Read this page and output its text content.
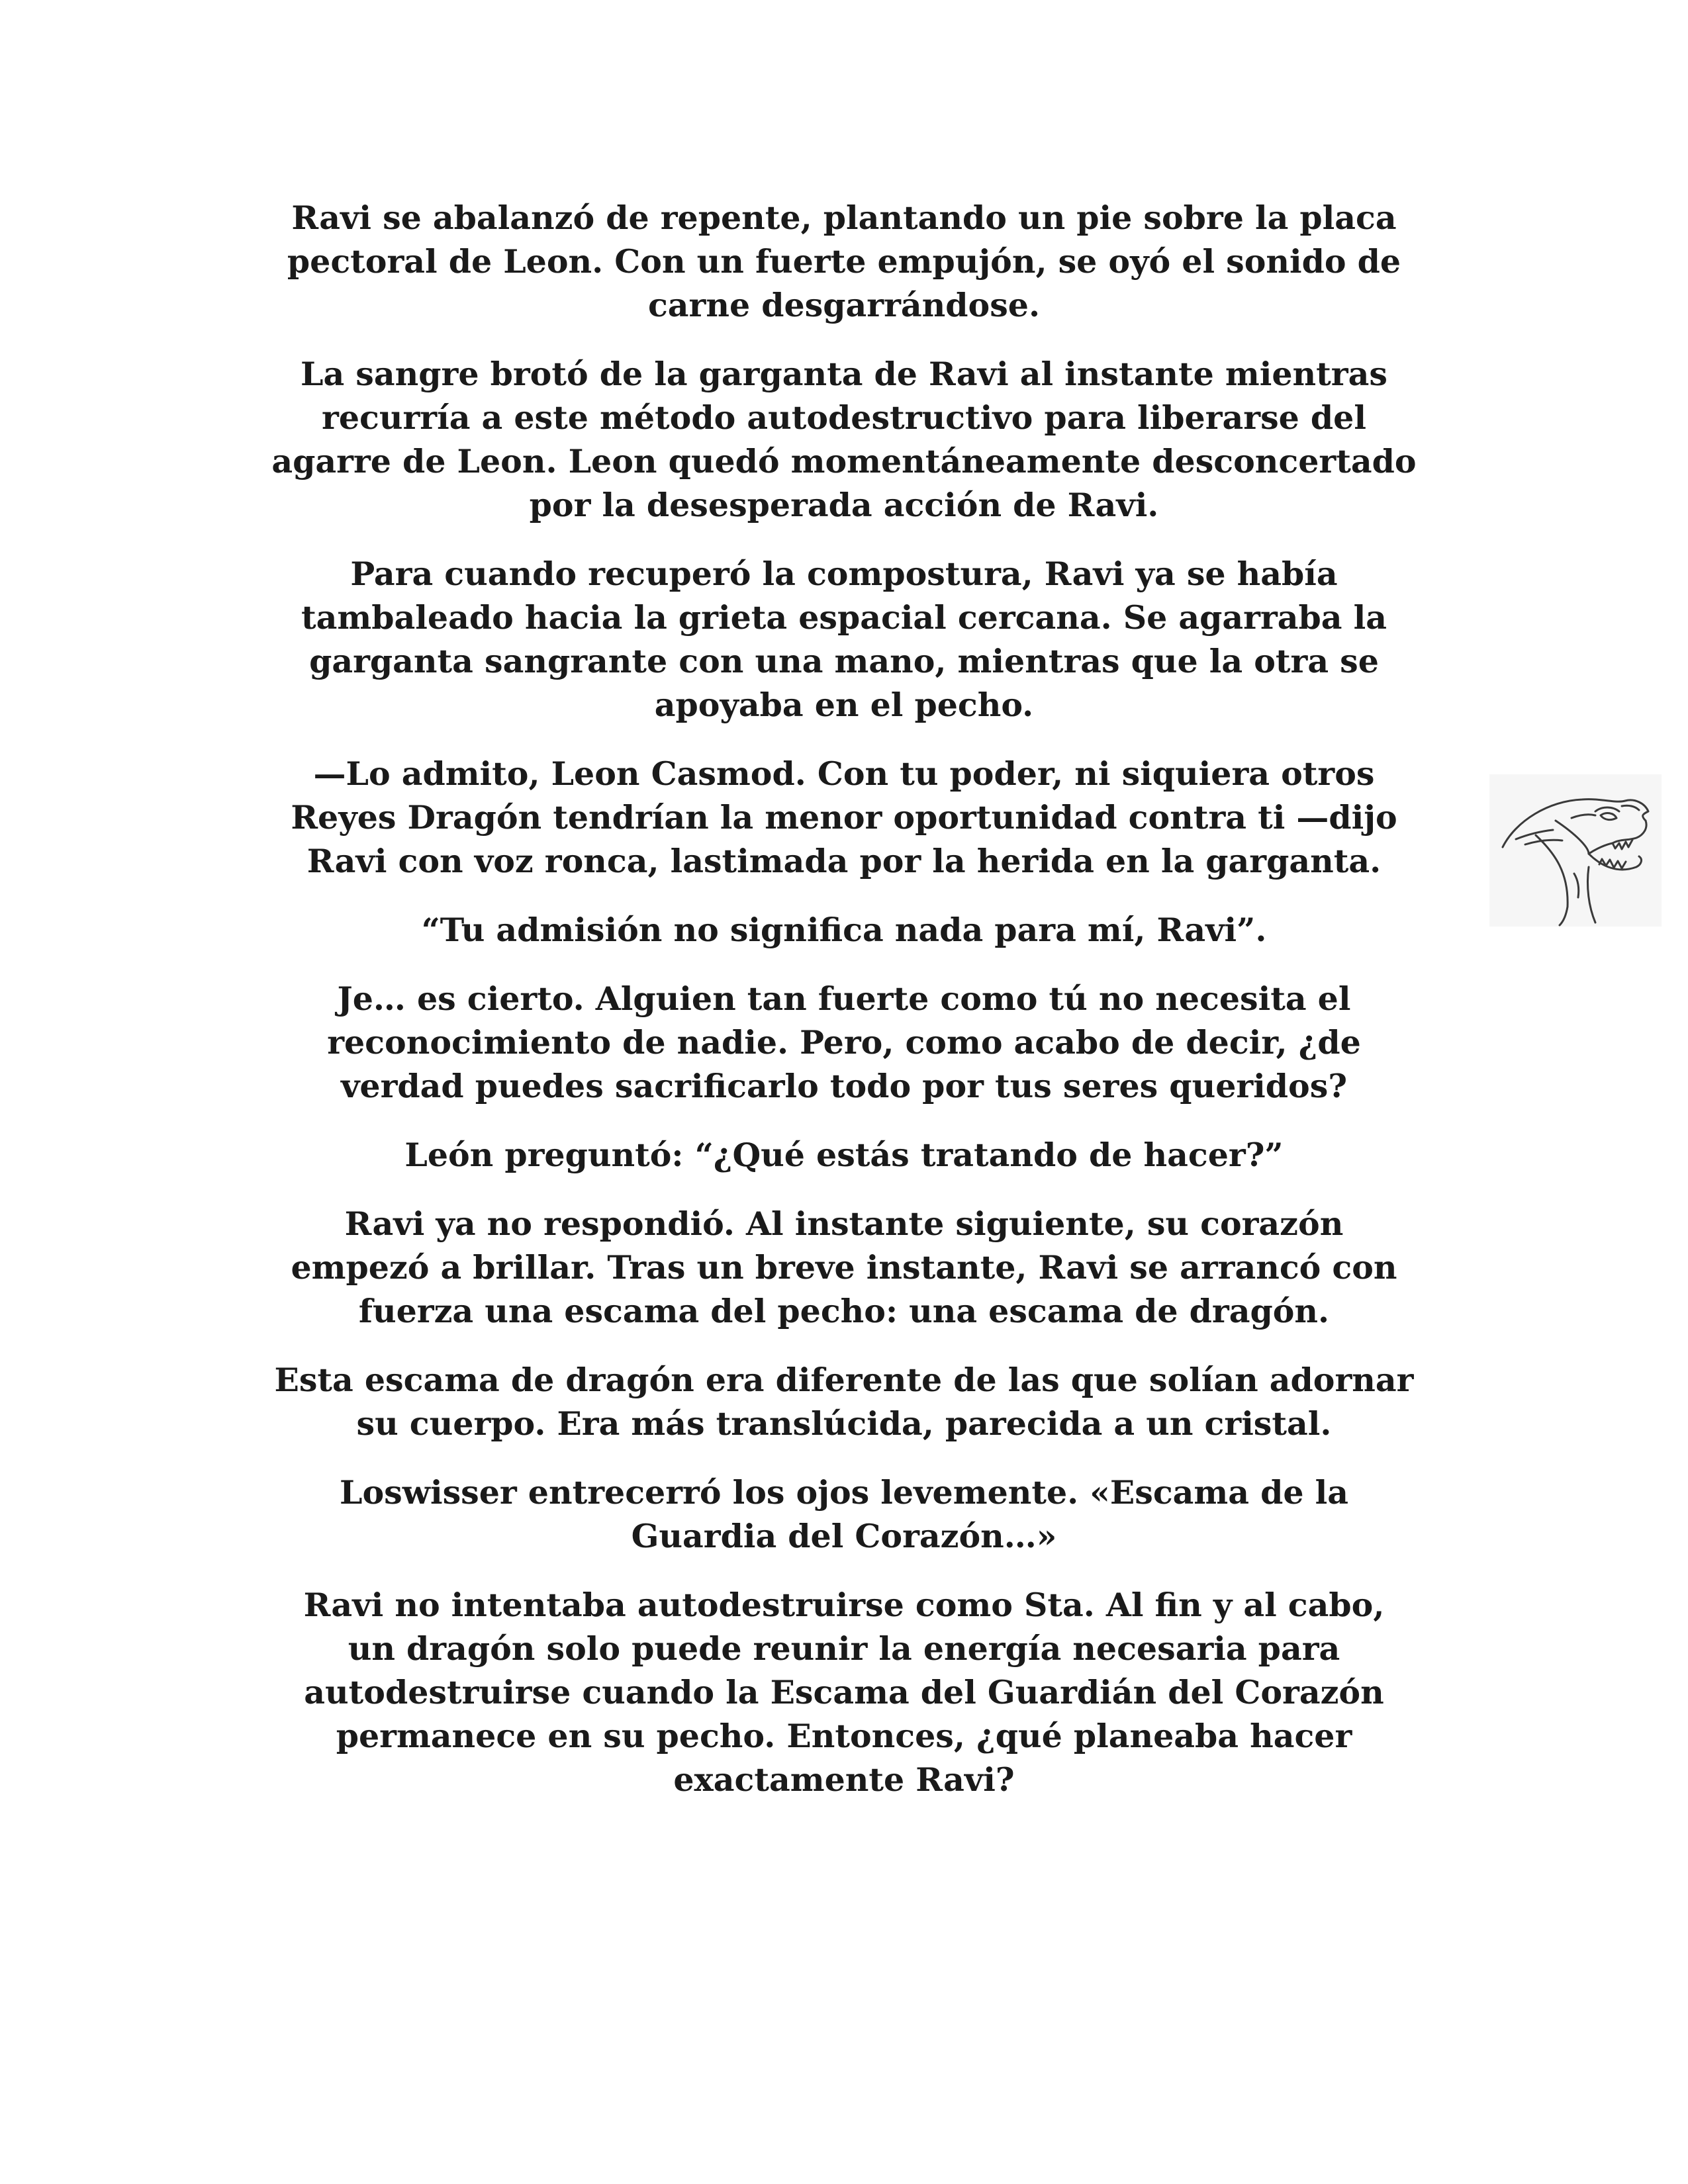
Ravi se abalanzó de repente, plantando un pie sobre la placa
pectoral de Leon. Con un fuerte empujón, se oyó el sonido de
carne desgarrándose.

La sangre brotó de la garganta de Ravi al instante mientras
recurría a este método autodestructivo para liberarse del
agarre de Leon. Leon quedó momentáneamente desconcertado
por la desesperada acción de Ravi.

Para cuando recuperó la compostura, Ravi ya se había
tambaleado hacia la grieta espacial cercana. Se agarraba la
garganta sangrante con una mano, mientras que la otra se
apoyaba en el pecho.

—Lo admito, Leon Casmod. Con tu poder, ni siquiera otros
Reyes Dragón tendrían la menor oportunidad contra ti —dijo
Ravi con voz ronca, lastimada por la herida en la garganta.

“Tu admisión no significa nada para mí, Ravi”.

Je… es cierto. Alguien tan fuerte como tú no necesita el
reconocimiento de nadie. Pero, como acabo de decir, ¿de
verdad puedes sacrificarlo todo por tus seres queridos?

León preguntó: “¿Qué estás tratando de hacer?”

Ravi ya no respondió. Al instante siguiente, su corazón
empezó a brillar. Tras un breve instante, Ravi se arrancó con
fuerza una escama del pecho: una escama de dragón.

Esta escama de dragón era diferente de las que solían adornar
su cuerpo. Era más translúcida, parecida a un cristal.

Loswisser entrecerró los ojos levemente. «Escama de la
Guardia del Corazón…»

Ravi no intentaba autodestruirse como Sta. Al fin y al cabo,
un dragón solo puede reunir la energía necesaria para
autodestruirse cuando la Escama del Guardián del Corazón
permanece en su pecho. Entonces, ¿qué planeaba hacer
exactamente Ravi?
